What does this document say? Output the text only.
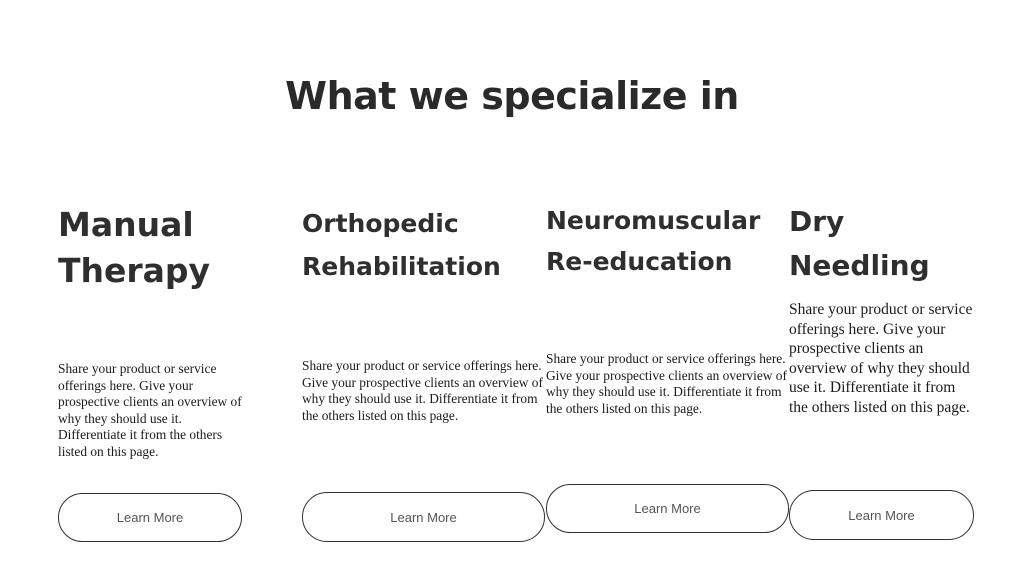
What we specialize in
Manual
Therapy

Share your product or service offerings here. Give your prospective clients an overview of why they should use it. Differentiate it from the others listed on this page.

Learn More
Orthopedic
Rehabilitation

Share your product or service offerings here. Give your prospective clients an overview of why they should use it. Differentiate it from the others listed on this page.

Learn More
Neuromuscular
Re-education

Share your product or service offerings here. Give your prospective clients an overview of why they should use it. Differentiate it from the others listed on this page.

Learn More
Dry Needling

Share your product or service offerings here. Give your prospective clients an overview of why they should use it. Differentiate it from the others listed on this page.

Learn More
